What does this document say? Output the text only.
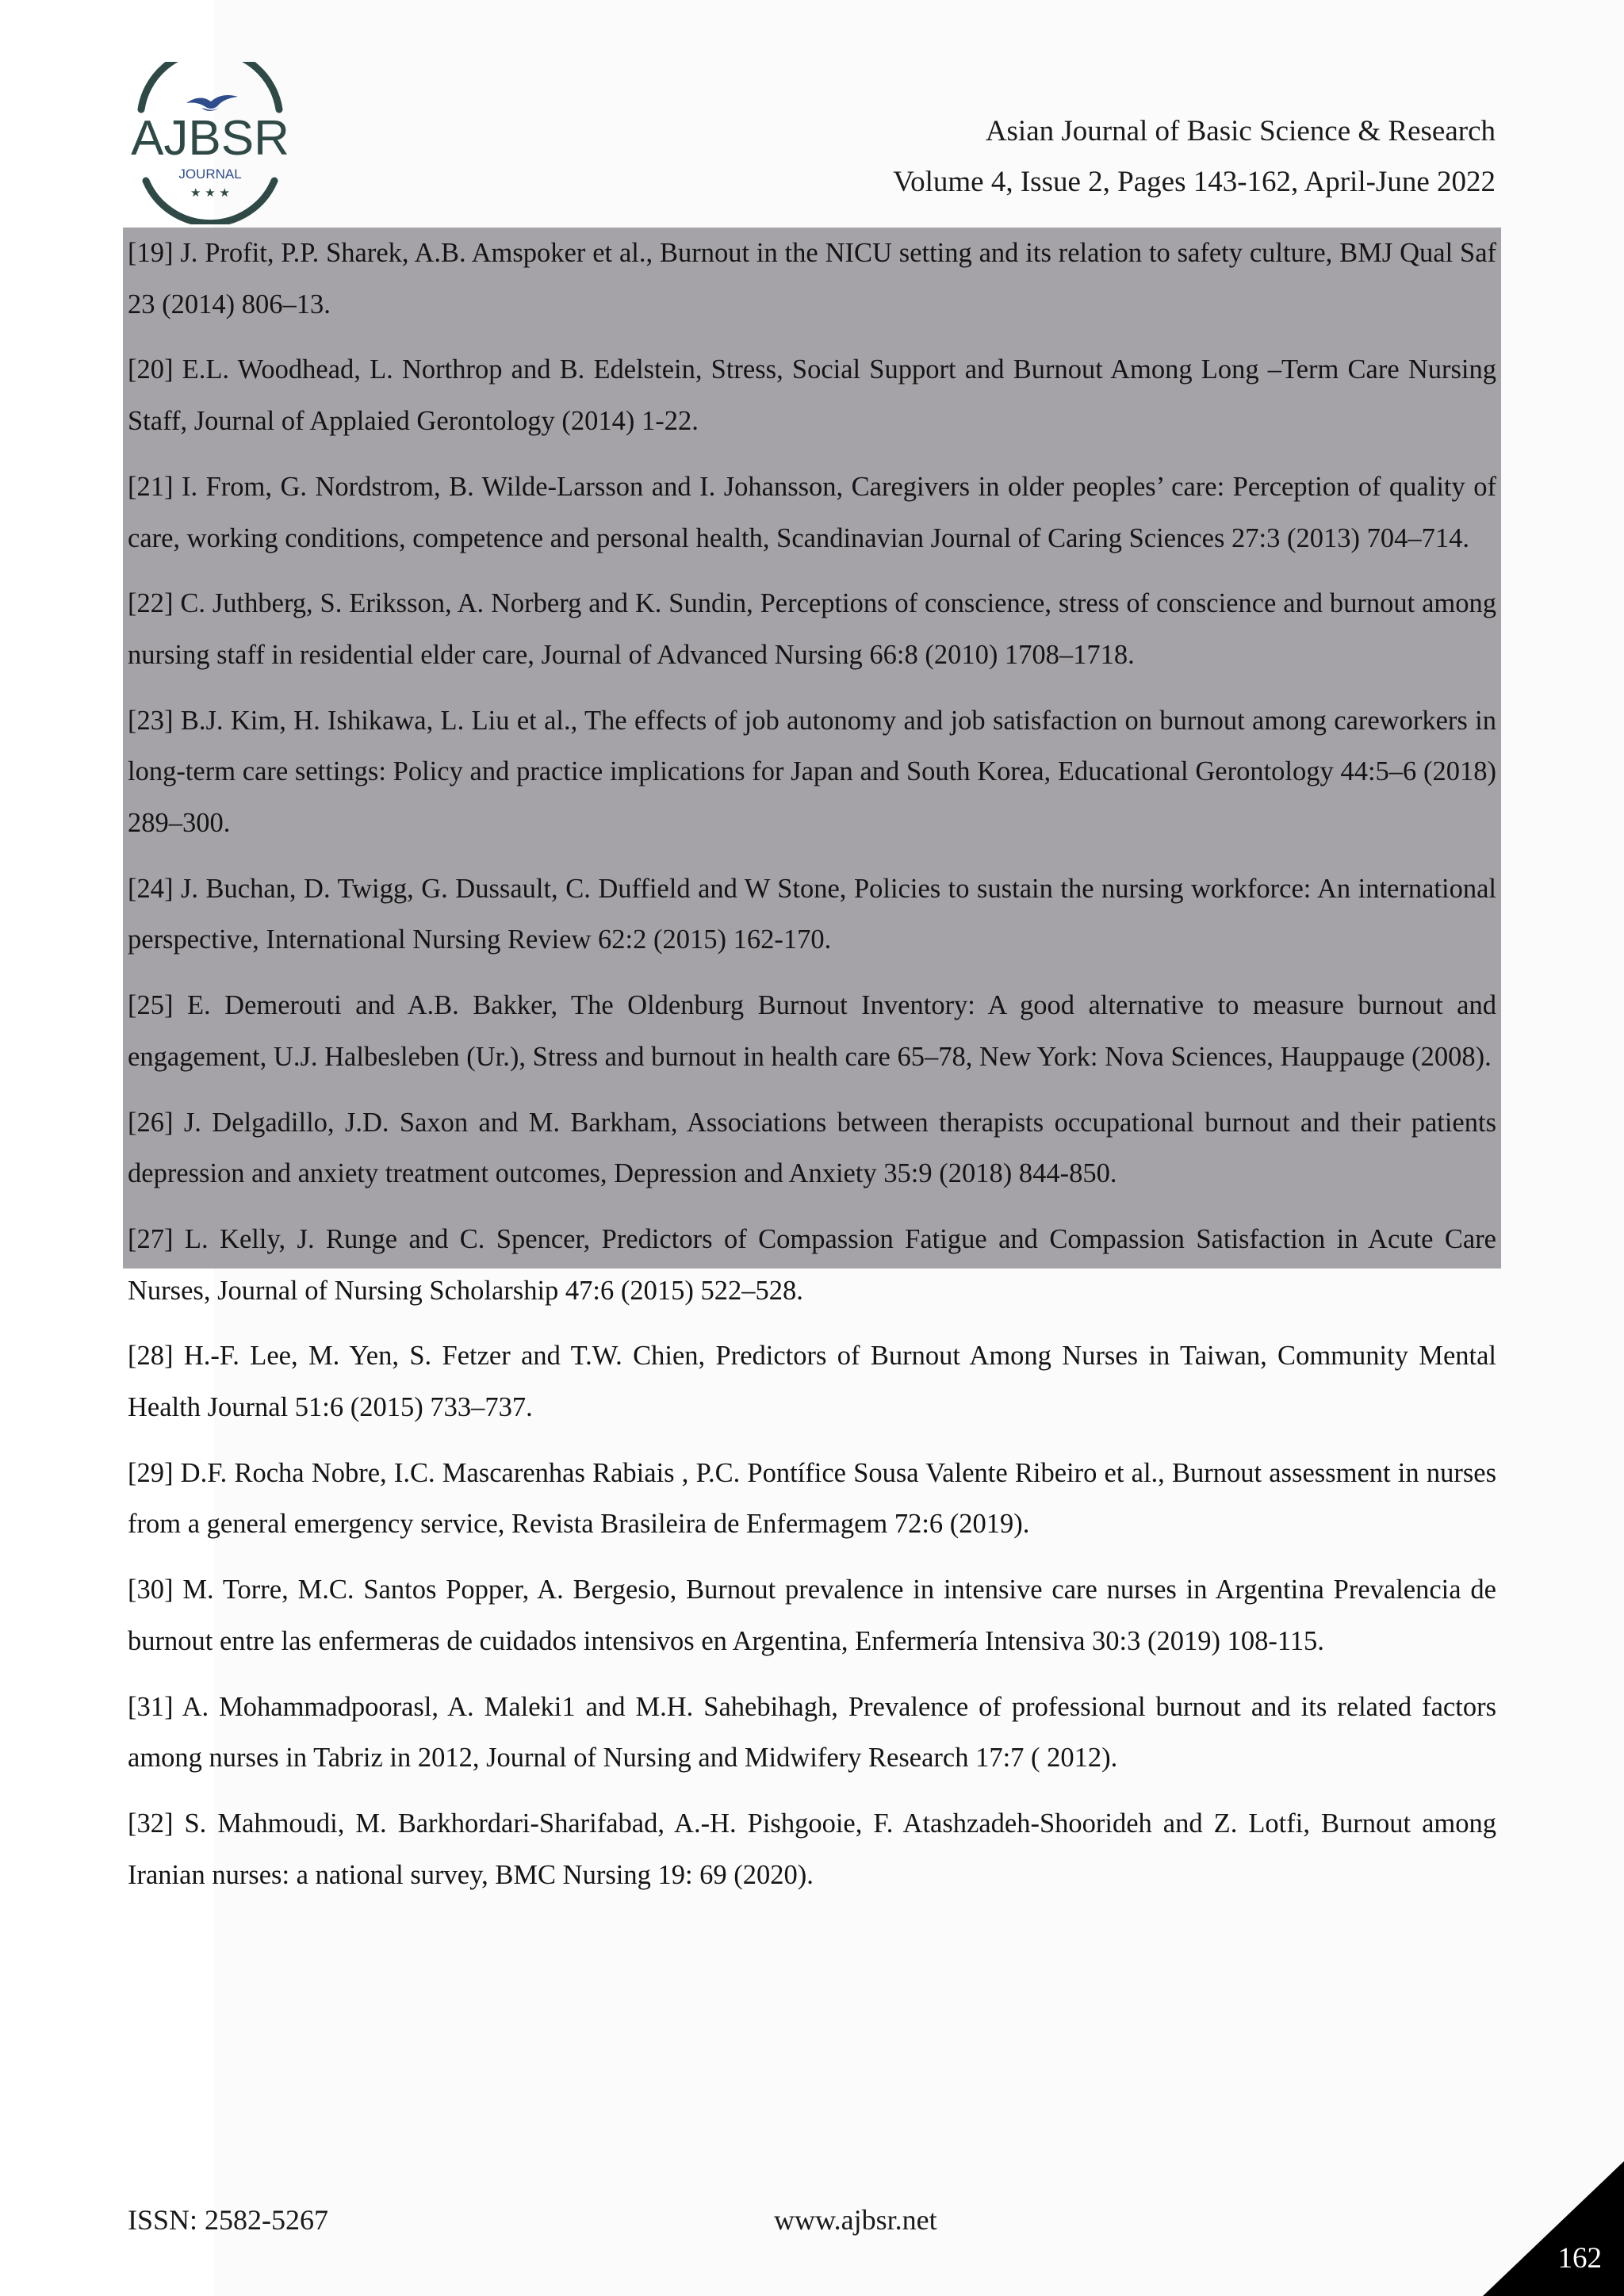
AJBSR
JOURNAL
★ ★ ★
Asian Journal of Basic Science & Research
Volume 4, Issue 2, Pages 143-162, April-June 2022
[19] J. Profit, P.P. Sharek, A.B. Amspoker et al., Burnout in the NICU setting and its relation to safety culture, BMJ Qual Saf 23 (2014) 806–13.
[20] E.L. Woodhead, L. Northrop and B. Edelstein, Stress, Social Support and Burnout Among Long –Term Care Nursing Staff, Journal of Applaied Gerontology (2014) 1-22.
[21] I. From, G. Nordstrom, B. Wilde-Larsson and I. Johansson, Caregivers in older peoples’ care: Perception of quality of care, working conditions, competence and personal health, Scandinavian Journal of Caring Sciences 27:3 (2013) 704–714.
[22] C. Juthberg, S. Eriksson, A. Norberg and K. Sundin, Perceptions of conscience, stress of conscience and burnout among nursing staff in residential elder care, Journal of Advanced Nursing 66:8 (2010) 1708–1718.
[23] B.J. Kim, H. Ishikawa, L. Liu et al., The effects of job autonomy and job satisfaction on burnout among careworkers in long-term care settings: Policy and practice implications for Japan and South Korea, Educational Gerontology 44:5–6 (2018) 289–300.
[24] J. Buchan, D. Twigg, G. Dussault, C. Duffield and W Stone, Policies to sustain the nursing workforce: An international perspective, International Nursing Review 62:2 (2015) 162-170.
[25] E. Demerouti and A.B. Bakker, The Oldenburg Burnout Inventory: A good alternative to measure burnout and engagement, U.J. Halbesleben (Ur.), Stress and burnout in health care 65–78, New York: Nova Sciences, Hauppauge (2008).
[26] J. Delgadillo, J.D. Saxon and M. Barkham, Associations between therapists occupational burnout and their patients depression and anxiety treatment outcomes, Depression and Anxiety 35:9 (2018) 844-850.
[27] L. Kelly, J. Runge and C. Spencer, Predictors of Compassion Fatigue and Compassion Satisfaction in Acute Care Nurses, Journal of Nursing Scholarship 47:6 (2015) 522–528.
[28] H.-F. Lee, M. Yen, S. Fetzer and T.W. Chien, Predictors of Burnout Among Nurses in Taiwan, Community Mental Health Journal 51:6 (2015) 733–737.
[29] D.F. Rocha Nobre, I.C. Mascarenhas Rabiais , P.C. Pontífice Sousa Valente Ribeiro et al., Burnout assessment in nurses from a general emergency service, Revista Brasileira de Enfermagem 72:6 (2019).
[30] M. Torre, M.C. Santos Popper, A. Bergesio, Burnout prevalence in intensive care nurses in Argentina Prevalencia de burnout entre las enfermeras de cuidados intensivos en Argentina, Enfermería Intensiva 30:3 (2019) 108-115.
[31] A. Mohammadpoorasl, A. Maleki1 and M.H. Sahebihagh, Prevalence of professional burnout and its related factors among nurses in Tabriz in 2012, Journal of Nursing and Midwifery Research 17:7 ( 2012).
[32] S. Mahmoudi, M. Barkhordari-Sharifabad, A.-H. Pishgooie, F. Atashzadeh-Shoorideh and Z. Lotfi, Burnout among Iranian nurses: a national survey, BMC Nursing 19: 69 (2020).
ISSN: 2582-5267	www.ajbsr.net
162
